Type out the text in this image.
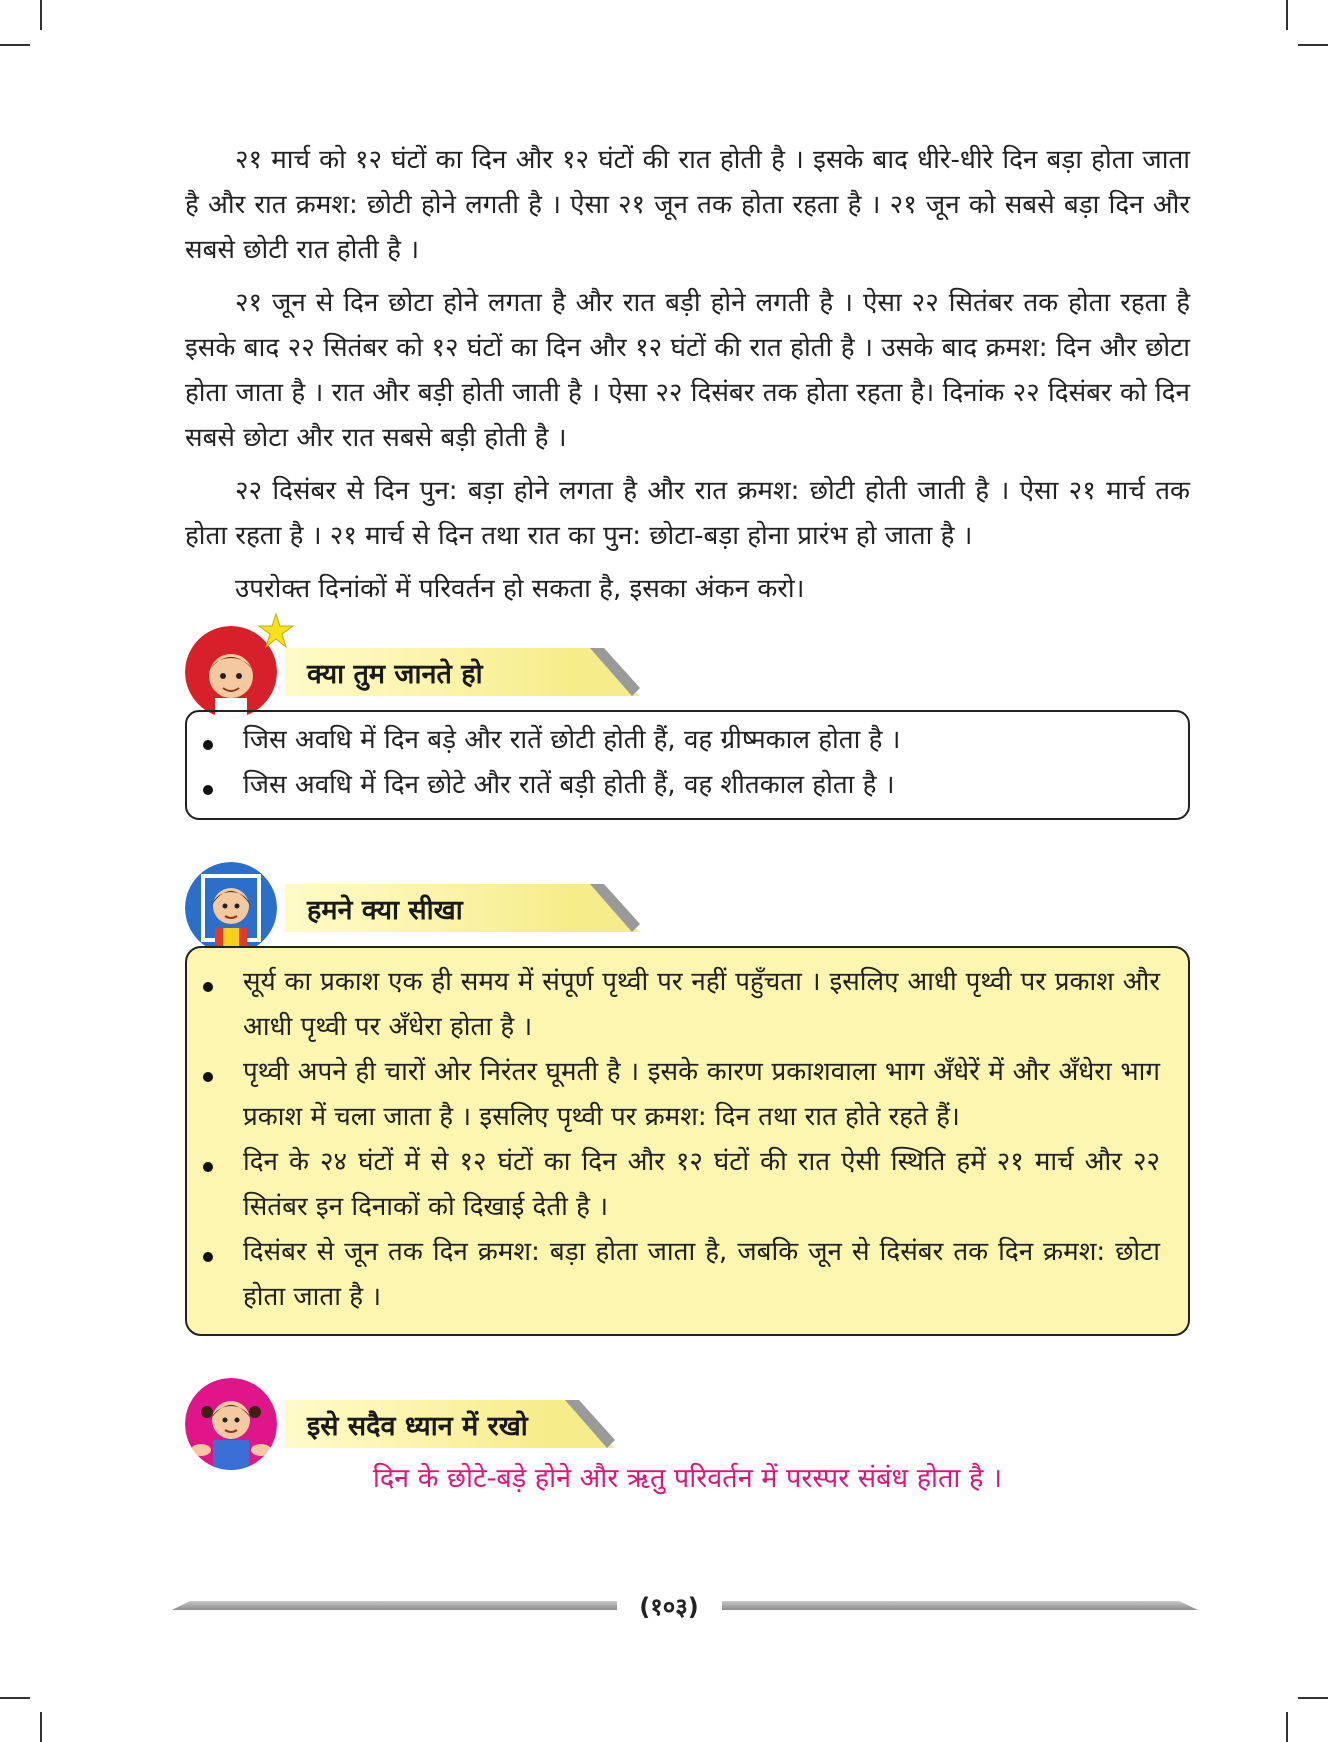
२१ मार्च को १२ घंटों का दिन और १२ घंटों की रात होती है । इसके बाद धीरे-धीरे दिन बड़ा होता जाता है और रात क्रमश: छोटी होने लगती है । ऐसा २१ जून तक होता रहता है । २१ जून को सबसे बड़ा दिन और सबसे छोटी रात होती है ।

२१ जून से दिन छोटा होने लगता है और रात बड़ी होने लगती है । ऐसा २२ सितंबर तक होता रहता है इसके बाद २२ सितंबर को १२ घंटों का दिन और १२ घंटों की रात होती है । उसके बाद क्रमश: दिन और छोटा होता जाता है । रात और बड़ी होती जाती है । ऐसा २२ दिसंबर तक होता रहता है। दिनांक २२ दिसंबर को दिन सबसे छोटा और रात सबसे बड़ी होती है ।

२२ दिसंबर से दिन पुन: बड़ा होने लगता है और रात क्रमश: छोटी होती जाती है । ऐसा २१ मार्च तक होता रहता है । २१ मार्च से दिन तथा रात का पुन: छोटा-बड़ा होना प्रारंभ हो जाता है ।

उपरोक्त दिनांकों में परिवर्तन हो सकता है, इसका अंकन करो।

क्या तुम जानते हो
जिस अवधि में दिन बड़े और रातें छोटी होती हैं, वह ग्रीष्मकाल होता है ।
जिस अवधि में दिन छोटे और रातें बड़ी होती हैं, वह शीतकाल होता है ।
हमने क्या सीखा
सूर्य का प्रकाश एक ही समय में संपूर्ण पृथ्वी पर नहीं पहुँचता । इसलिए आधी पृथ्वी पर प्रकाश और आधी पृथ्वी पर अँधेरा होता है ।
पृथ्वी अपने ही चारों ओर निरंतर घूमती है । इसके कारण प्रकाशवाला भाग अँधेरें में और अँधेरा भाग प्रकाश में चला जाता है । इसलिए पृथ्वी पर क्रमश: दिन तथा रात होते रहते हैं।
दिन के २४ घंटों में से १२ घंटों का दिन और १२ घंटों की रात ऐसी स्थिति हमें २१ मार्च और २२ सितंबर इन दिनाकों को दिखाई देती है ।
दिसंबर से जून तक दिन क्रमश: बड़ा होता जाता है, जबकि जून से दिसंबर तक दिन क्रमश: छोटा होता जाता है ।
इसे सदैव ध्यान में रखो
दिन के छोटे-बड़े होने और ऋतु परिवर्तन में परस्पर संबंध होता है ।
(१०३)
